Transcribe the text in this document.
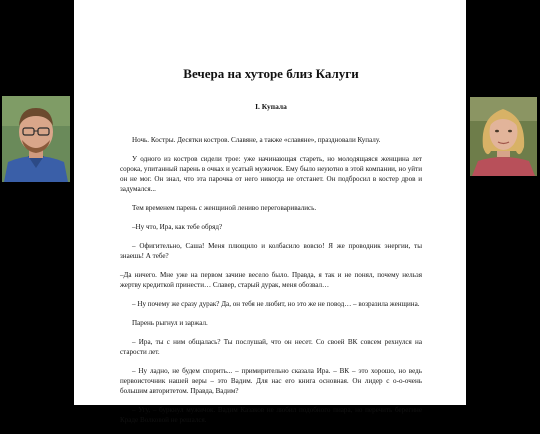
Вечера на хуторе близ Калуги
I. Купала

Ночь. Костры. Десятки костров. Славяне, а также «славяне», праздновали Купалу.

У одного из костров сидели трое: уже начинающая стареть, но молодящаяся женщина лет сорока, упитанный парень в очках и усатый мужичок. Ему было неуютно в этой компании, но уйти он не мог. Он знал, что эта парочка от него никогда не отстанет. Он подбросил в костер дров и задумался...

Тем временем парень с женщиной лениво переговаривались.

–Ну что, Ира, как тебе обряд?

– Офигительно, Саша! Меня плющило и колбасило вовсю! Я же проводник энергии, ты знаешь! А тебе?

–Да ничего. Мне уже на первом зачине весело было. Правда, я так и не понял, почему нельзя жертву кредиткой принести… Славер, старый дурак, меня обозвал…

– Ну почему же сразу дурак? Да, он тебя не любит, но это же не повод… – возразила женщина.

Парень рыгнул и заржал.

– Ира, ты с ним общалась? Ты послушай, что он несет. Со своей ВК совсем рехнулся на старости лет.

– Ну ладно, не будем спорить... – примирительно сказала Ира. – ВК – это хорошо, но ведь первоисточник нашей веры – это Вадим. Для нас его книга основная. Он лидер с о-о-очень большим авторитетом. Правда, Вадим?

– Угу, – буркнул мужичок. Вадим Казаков не любил подобного пиара, но перечить берегине Краде Волковой не решался.
